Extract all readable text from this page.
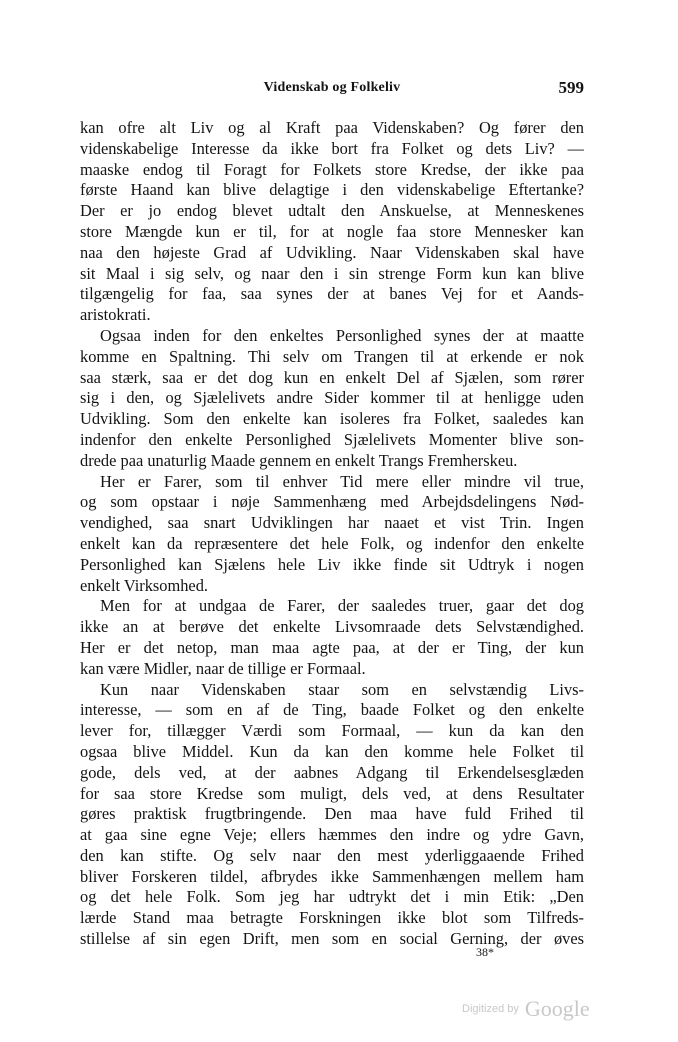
Videnskab og Folkeliv	599
kan ofre alt Liv og al Kraft paa Videnskaben? Og fører den
videnskabelige Interesse da ikke bort fra Folket og dets Liv? —
maaske endog til Foragt for Folkets store Kredse, der ikke paa
første Haand kan blive delagtige i den videnskabelige Eftertanke?
Der er jo endog blevet udtalt den Anskuelse, at Menneskenes
store Mængde kun er til, for at nogle faa store Mennesker kan
naa den højeste Grad af Udvikling. Naar Videnskaben skal have
sit Maal i sig selv, og naar den i sin strenge Form kun kan blive
tilgængelig for faa, saa synes der at banes Vej for et Aands-
aristokrati.
Ogsaa inden for den enkeltes Personlighed synes der at maatte
komme en Spaltning. Thi selv om Trangen til at erkende er nok
saa stærk, saa er det dog kun en enkelt Del af Sjælen, som rører
sig i den, og Sjælelivets andre Sider kommer til at henligge uden
Udvikling. Som den enkelte kan isoleres fra Folket, saaledes kan
indenfor den enkelte Personlighed Sjælelivets Momenter blive son-
drede paa unaturlig Maade gennem en enkelt Trangs Fremherskeu.
Her er Farer, som til enhver Tid mere eller mindre vil true,
og som opstaar i nøje Sammenhæng med Arbejdsdelingens Nød-
vendighed, saa snart Udviklingen har naaet et vist Trin. Ingen
enkelt kan da repræsentere det hele Folk, og indenfor den enkelte
Personlighed kan Sjælens hele Liv ikke finde sit Udtryk i nogen
enkelt Virksomhed.
Men for at undgaa de Farer, der saaledes truer, gaar det dog
ikke an at berøve det enkelte Livsomraade dets Selvstændighed.
Her er det netop, man maa agte paa, at der er Ting, der kun
kan være Midler, naar de tillige er Formaal.
Kun naar Videnskaben staar som en selvstændig Livs-
interesse, — som en af de Ting, baade Folket og den enkelte
lever for, tillægger Værdi som Formaal, — kun da kan den
ogsaa blive Middel. Kun da kan den komme hele Folket til
gode, dels ved, at der aabnes Adgang til Erkendelsesglæden
for saa store Kredse som muligt, dels ved, at dens Resultater
gøres praktisk frugtbringende. Den maa have fuld Frihed til
at gaa sine egne Veje; ellers hæmmes den indre og ydre Gavn,
den kan stifte. Og selv naar den mest yderliggaaende Frihed
bliver Forskeren tildel, afbrydes ikke Sammenhængen mellem ham
og det hele Folk. Som jeg har udtrykt det i min Etik: „Den
lærde Stand maa betragte Forskningen ikke blot som Tilfreds-
stillelse af sin egen Drift, men som en social Gerning, der øves
38*
Digitized by Google
